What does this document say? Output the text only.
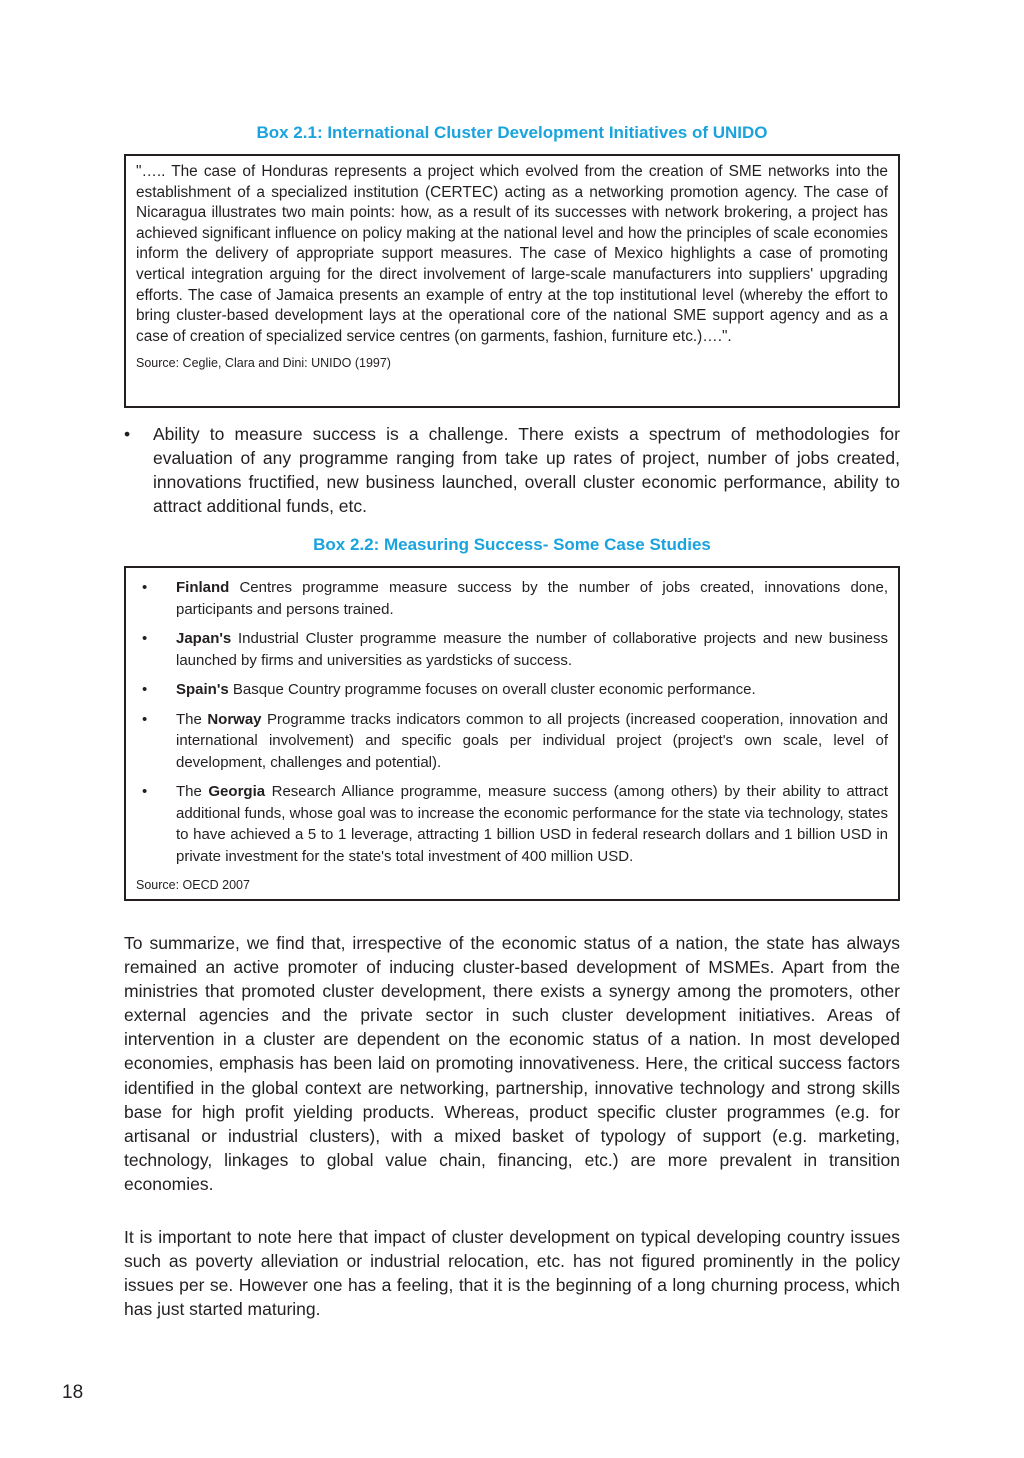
Box 2.1: International Cluster Development Initiatives of UNIDO

"….. The case of Honduras represents a project which evolved from the creation of SME networks into the establishment of a specialized institution (CERTEC) acting as a networking promotion agency. The case of Nicaragua illustrates two main points: how, as a result of its successes with network brokering, a project has achieved significant influence on policy making at the national level and how the principles of scale economies inform the delivery of appropriate support measures. The case of Mexico highlights a case of promoting vertical integration arguing for the direct involvement of large-scale manufacturers into suppliers' upgrading efforts. The case of Jamaica presents an example of entry at the top institutional level (whereby the effort to bring cluster-based development lays at the operational core of the national SME support agency and as a case of creation of specialized service centres (on garments, fashion, furniture etc.)….".

Source: Ceglie, Clara and Dini: UNIDO (1997)

• Ability to measure success is a challenge. There exists a spectrum of methodologies for evaluation of any programme ranging from take up rates of project, number of jobs created, innovations fructified, new business launched, overall cluster economic performance, ability to attract additional funds, etc.

Box 2.2: Measuring Success- Some Case Studies
• Finland Centres programme measure success by the number of jobs created, innovations done, participants and persons trained.
• Japan's Industrial Cluster programme measure the number of collaborative projects and new business launched by firms and universities as yardsticks of success.
• Spain's Basque Country programme focuses on overall cluster economic performance.
• The Norway Programme tracks indicators common to all projects (increased cooperation, innovation and international involvement) and specific goals per individual project (project's own scale, level of development, challenges and potential).
• The Georgia Research Alliance programme, measure success (among others) by their ability to attract additional funds, whose goal was to increase the economic performance for the state via technology, states to have achieved a 5 to 1 leverage, attracting 1 billion USD in federal research dollars and 1 billion USD in private investment for the state's total investment of 400 million USD.

Source: OECD 2007

To summarize, we find that, irrespective of the economic status of a nation, the state has always remained an active promoter of inducing cluster-based development of MSMEs. Apart from the ministries that promoted cluster development, there exists a synergy among the promoters, other external agencies and the private sector in such cluster development initiatives. Areas of intervention in a cluster are dependent on the economic status of a nation. In most developed economies, emphasis has been laid on promoting innovativeness. Here, the critical success factors identified in the global context are networking, partnership, innovative technology and strong skills base for high profit yielding products. Whereas, product specific cluster programmes (e.g. for artisanal or industrial clusters), with a mixed basket of typology of support (e.g. marketing, technology, linkages to global value chain, financing, etc.) are more prevalent in transition economies.

It is important to note here that impact of cluster development on typical developing country issues such as poverty alleviation or industrial relocation, etc. has not figured prominently in the policy issues per se. However one has a feeling, that it is the beginning of a long churning process, which has just started maturing.

18
